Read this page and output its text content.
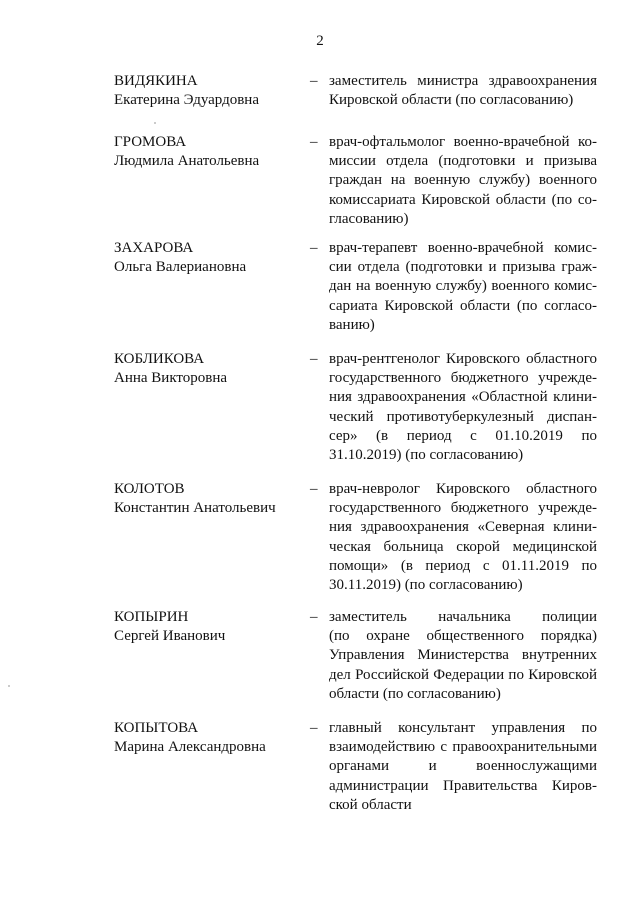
2
ВИДЯКИНА
Екатерина Эдуардовна
– заместитель министра здравоохранения
Кировской области (по согласованию)
ГРОМОВА
Людмила Анатольевна
– врач-офтальмолог военно-врачебной ко-
миссии отдела (подготовки и призыва
граждан на военную службу) военного
комиссариата Кировской области (по со-
гласованию)
ЗАХАРОВА
Ольга Валериановна
– врач-терапевт военно-врачебной комис-
сии отдела (подготовки и призыва граж-
дан на военную службу) военного комис-
сариата Кировской области (по согласо-
ванию)
КОБЛИКОВА
Анна Викторовна
– врач-рентгенолог Кировского областного
государственного бюджетного учрежде-
ния здравоохранения «Областной клини-
ческий противотуберкулезный диспан-
сер» (в период с 01.10.2019 по
31.10.2019) (по согласованию)
КОЛОТОВ
Константин Анатольевич
– врач-невролог Кировского областного
государственного бюджетного учрежде-
ния здравоохранения «Северная клини-
ческая больница скорой медицинской
помощи» (в период с 01.11.2019 по
30.11.2019) (по согласованию)
КОПЫРИН
Сергей Иванович
– заместитель начальника полиции
(по охране общественного порядка)
Управления Министерства внутренних
дел Российской Федерации по Кировской
области (по согласованию)
КОПЫТОВА
Марина Александровна
– главный консультант управления по
взаимодействию с правоохранительными
органами и военнослужащими
администрации Правительства Киров-
ской области
